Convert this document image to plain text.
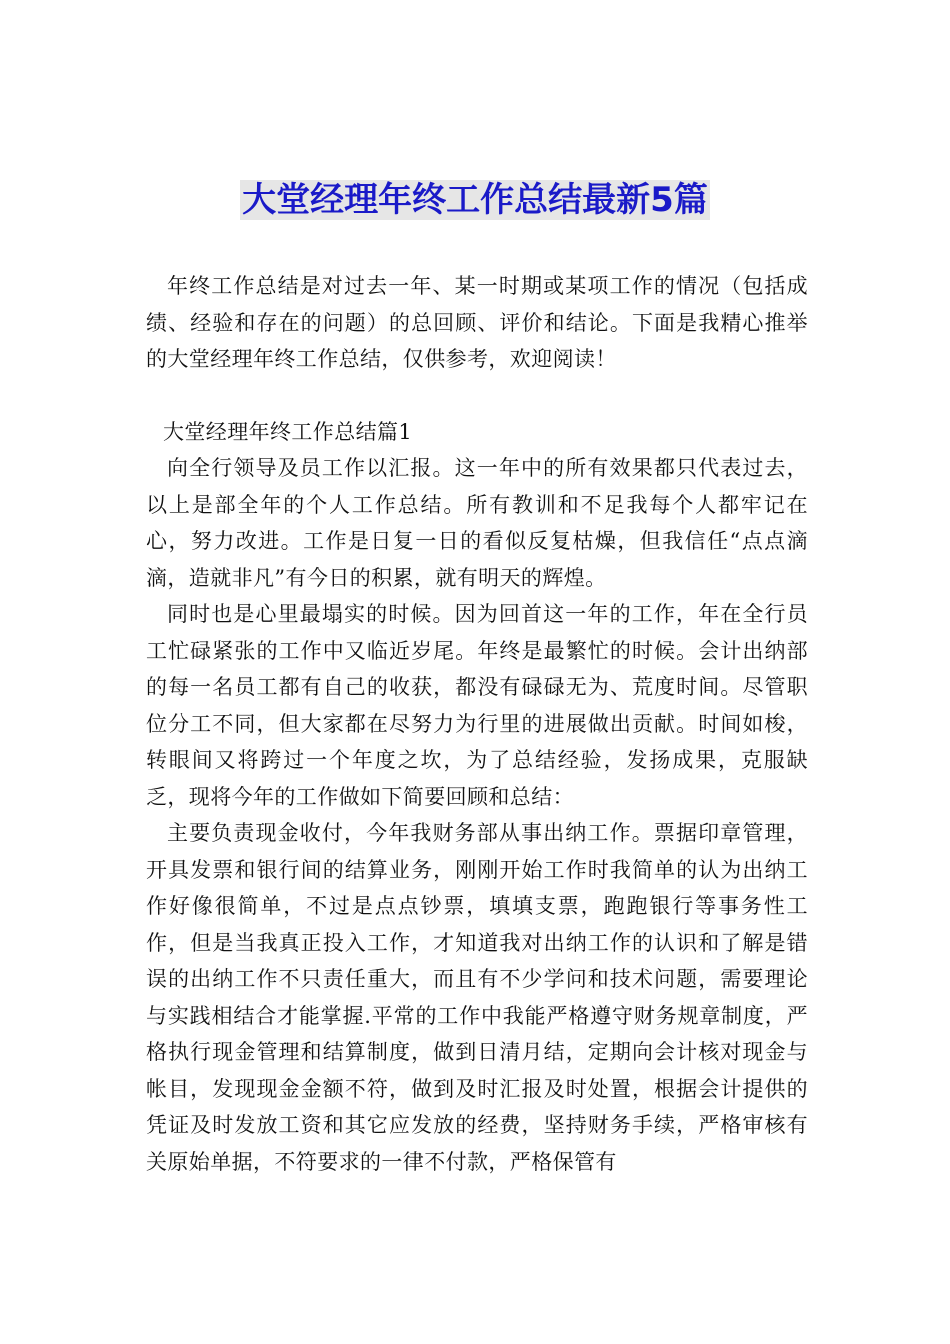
大堂经理年终工作总结最新5篇

年终工作总结是对过去一年、某一时期或某项工作的情况（包括成绩、经验和存在的问题）的总回顾、评价和结论。下面是我精心推举的大堂经理年终工作总结，仅供参考，欢迎阅读！

大堂经理年终工作总结篇1

向全行领导及员工作以汇报。这一年中的所有效果都只代表过去，以上是部全年的个人工作总结。所有教训和不足我每个人都牢记在心，努力改进。工作是日复一日的看似反复枯燥，但我信任“点点滴滴，造就非凡”有今日的积累，就有明天的辉煌。

同时也是心里最塌实的时候。因为回首这一年的工作，年在全行员工忙碌紧张的工作中又临近岁尾。年终是最繁忙的时候。会计出纳部的每一名员工都有自己的收获，都没有碌碌无为、荒度时间。尽管职位分工不同，但大家都在尽努力为行里的进展做出贡献。时间如梭，转眼间又将跨过一个年度之坎，为了总结经验，发扬成果，克服缺乏，现将今年的工作做如下简要回顾和总结：

主要负责现金收付，今年我财务部从事出纳工作。票据印章管理，开具发票和银行间的结算业务，刚刚开始工作时我简单的认为出纳工作好像很简单，不过是点点钞票，填填支票，跑跑银行等事务性工作，但是当我真正投入工作，才知道我对出纳工作的认识和了解是错误的出纳工作不只责任重大，而且有不少学问和技术问题，需要理论与实践相结合才能掌握.平常的工作中我能严格遵守财务规章制度，严格执行现金管理和结算制度，做到日清月结，定期向会计核对现金与帐目，发现现金金额不符，做到及时汇报及时处置，根据会计提供的凭证及时发放工资和其它应发放的经费，坚持财务手续，严格审核有关原始单据，不符要求的一律不付款，严格保管有
